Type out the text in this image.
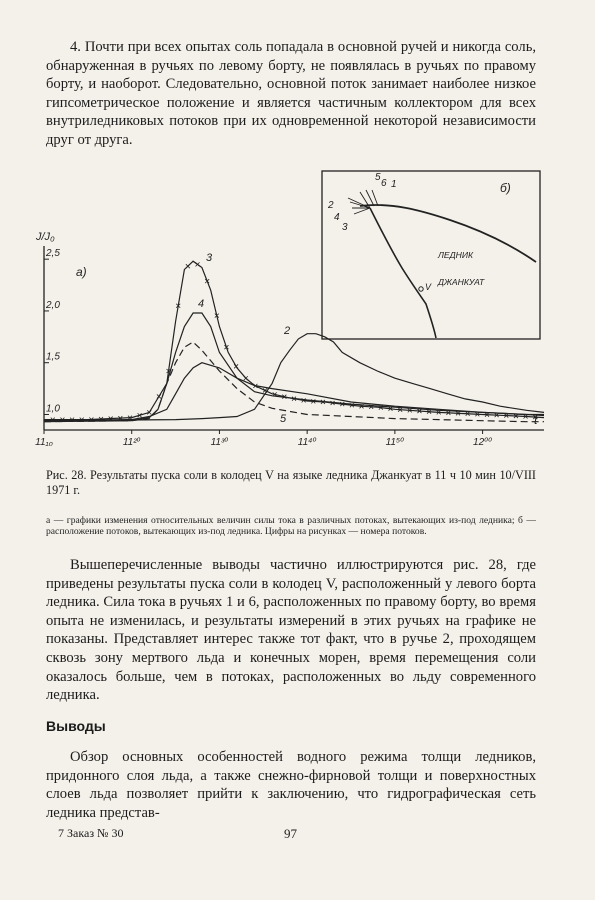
4. Почти при всех опытах соль попадала в основной ручей и никогда соль, обнаруженная в ручьях по левому борту, не появлялась в ручьях по правому борту, и наоборот. Следовательно, основной поток занимает наиболее низкое гипсометрическое положение и является частичным коллектором для всех внутриледниковых потоков при их одновременной некоторой независимости друг от друга.

5
6 1
2
4
3
б)
ЛЕДНИК
ДЖАНКУАТ
V
1,0
1,5
2,0
2,5
11₁₀	11²⁰	11³⁰	11⁴⁰	11⁵⁰	12⁰⁰
J/J₀
t
а)
3
4
2
5

Рис. 28. Результаты пуска соли в колодец V на языке ледника Джанкуат в 11 ч 10 мин 10/VIII 1971 г.

а — графики изменения относительных величин силы тока в различных потоках, вытекающих из-под ледника; б — расположение потоков, вытекающих из-под ледника. Цифры на рисунках — номера потоков.

Вышеперечисленные выводы частично иллюстрируются рис. 28, где приведены результаты пуска соли в колодец V, расположенный у левого борта ледника. Сила тока в ручьях 1 и 6, расположенных по правому борту, во время опыта не изменилась, и результаты измерений в этих ручьях на графике не показаны. Представляет интерес также тот факт, что в ручье 2, проходящем сквозь зону мертвого льда и конечных морен, время перемещения соли оказалось больше, чем в потоках, расположенных во льду современного ледника.

Выводы

Обзор основных особенностей водного режима толщи ледников, придонного слоя льда, а также снежно-фирновой толщи и поверхностных слоев льда позволяет прийти к заключению, что гидрографическая сеть ледника представ-

7 Заказ № 30	97
